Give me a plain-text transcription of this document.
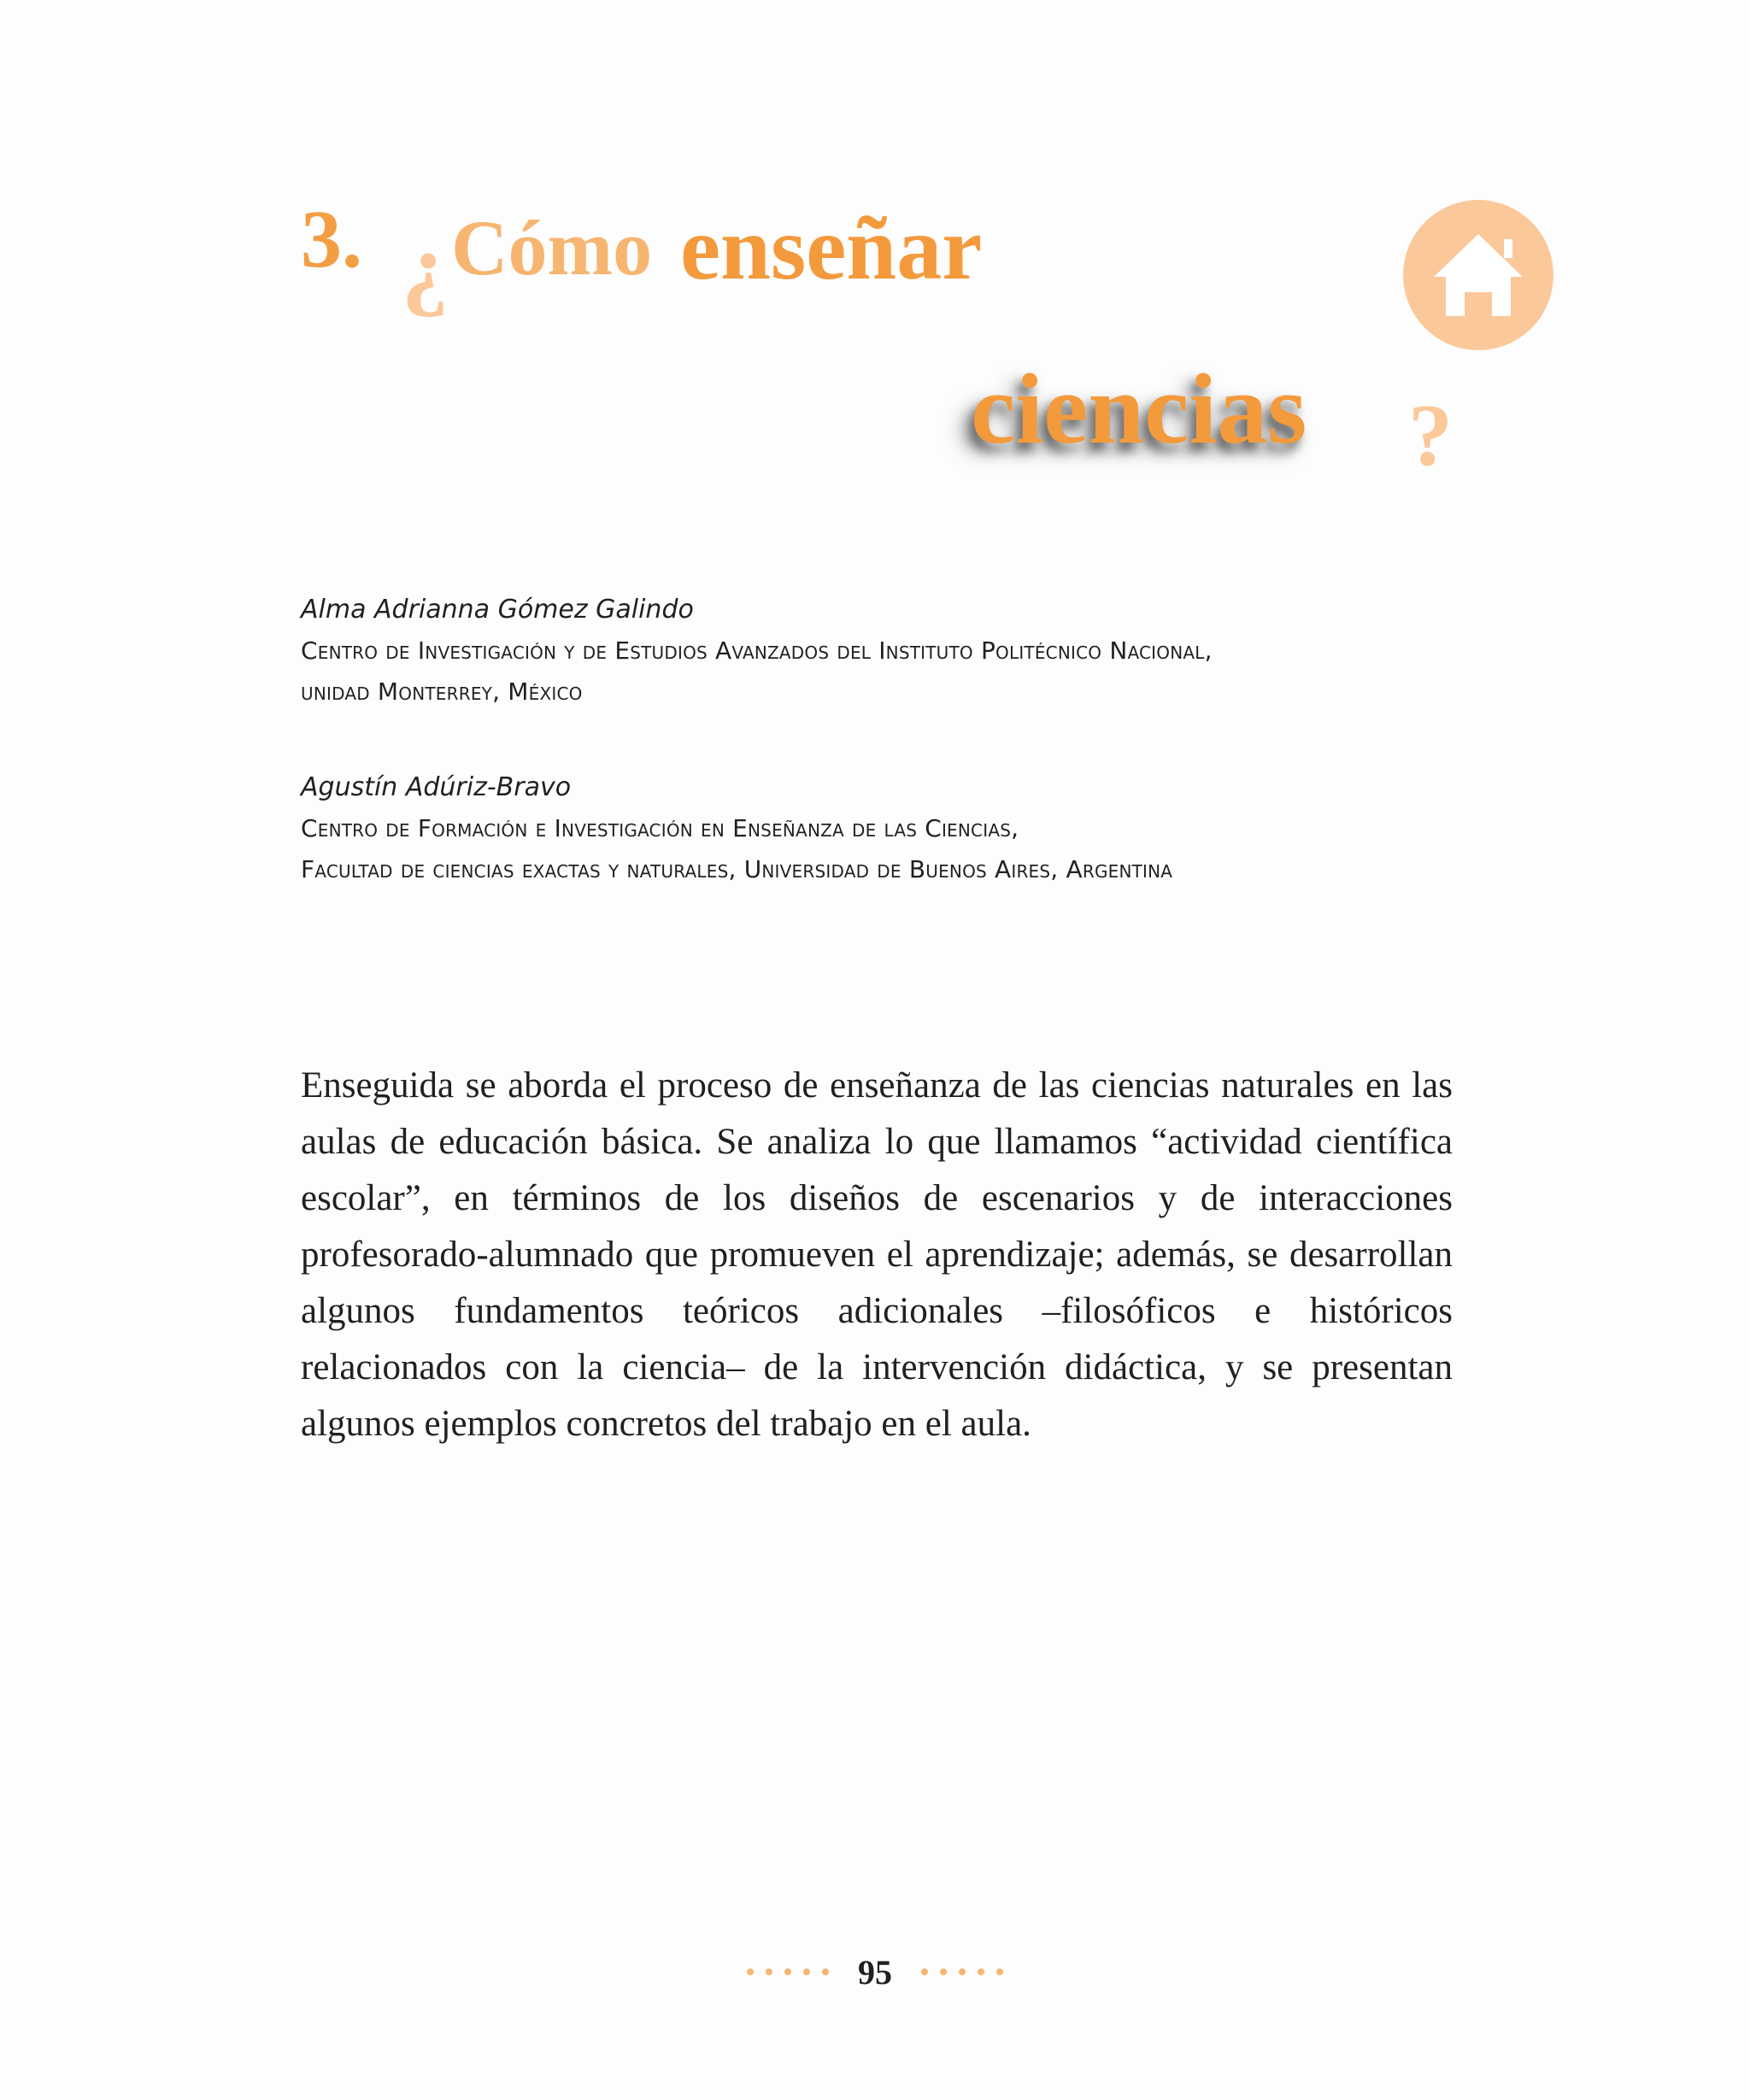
3. ¿ Cómo enseñar
ciencias ?
Alma Adrianna Gómez Galindo
Centro de Investigación y de Estudios Avanzados del Instituto Politécnico Nacional,
unidad Monterrey, México
Agustín Adúriz-Bravo
Centro de Formación e Investigación en Enseñanza de las Ciencias,
Facultad de ciencias exactas y naturales, Universidad de Buenos Aires, Argentina

Enseguida se aborda el proceso de enseñanza de las ciencias naturales en las aulas de educación básica. Se analiza lo que llamamos “actividad científica escolar”, en términos de los diseños de escenarios y de interacciones profesorado-alumnado que promueven el aprendizaje; además, se desarrollan algunos fundamentos teóricos adicionales –filosóficos e históricos relacionados con la ciencia– de la intervención didáctica, y se presentan algunos ejemplos concretos del trabajo en el aula.

95
